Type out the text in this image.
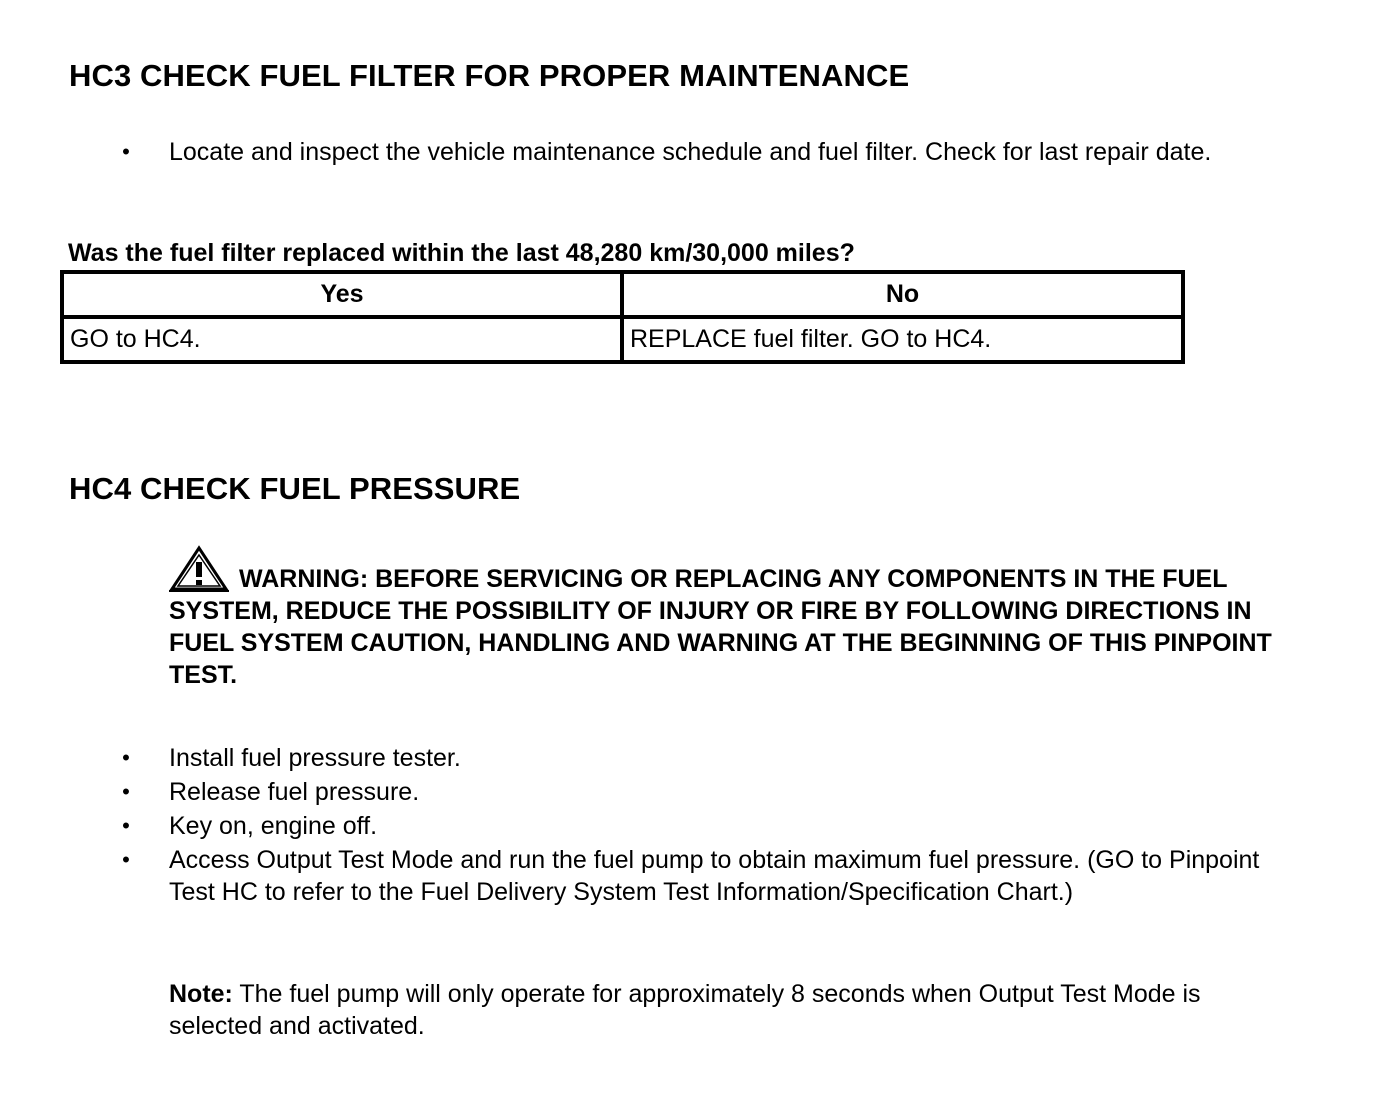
HC3 CHECK FUEL FILTER FOR PROPER MAINTENANCE
• Locate and inspect the vehicle maintenance schedule and fuel filter. Check for last repair date.

Was the fuel filter replaced within the last 48,280 km/30,000 miles?

Yes	No
GO to HC4.	REPLACE fuel filter. GO to HC4.
HC4 CHECK FUEL PRESSURE
WARNING: BEFORE SERVICING OR REPLACING ANY COMPONENTS IN THE FUEL SYSTEM, REDUCE THE POSSIBILITY OF INJURY OR FIRE BY FOLLOWING DIRECTIONS IN FUEL SYSTEM CAUTION, HANDLING AND WARNING AT THE BEGINNING OF THIS PINPOINT TEST.
• Install fuel pressure tester.
• Release fuel pressure.
• Key on, engine off.
• Access Output Test Mode and run the fuel pump to obtain maximum fuel pressure. (GO to Pinpoint Test HC to refer to the Fuel Delivery System Test Information/Specification Chart.)

Note: The fuel pump will only operate for approximately 8 seconds when Output Test Mode is selected and activated.
